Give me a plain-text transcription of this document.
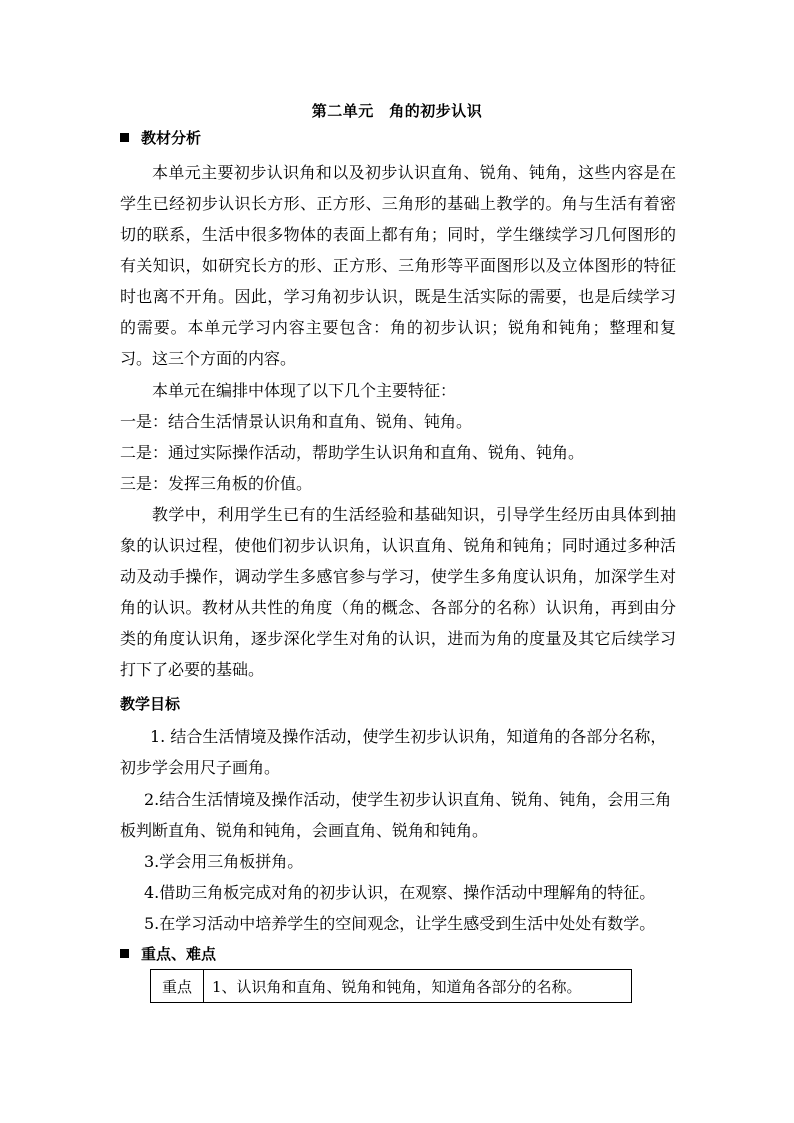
第二单元　角的初步认识
教材分析
本单元主要初步认识角和以及初步认识直角、锐角、钝角，这些内容是在学生已经初步认识长方形、正方形、三角形的基础上教学的。角与生活有着密切的联系，生活中很多物体的表面上都有角；同时，学生继续学习几何图形的有关知识，如研究长方的形、正方形、三角形等平面图形以及立体图形的特征时也离不开角。因此，学习角初步认识，既是生活实际的需要，也是后续学习的需要。本单元学习内容主要包含：角的初步认识；锐角和钝角；整理和复习。这三个方面的内容。
本单元在编排中体现了以下几个主要特征：
一是：结合生活情景认识角和直角、锐角、钝角。
二是：通过实际操作活动，帮助学生认识角和直角、锐角、钝角。
三是：发挥三角板的价值。
教学中，利用学生已有的生活经验和基础知识，引导学生经历由具体到抽象的认识过程，使他们初步认识角，认识直角、锐角和钝角；同时通过多种活动及动手操作，调动学生多感官参与学习，使学生多角度认识角，加深学生对角的认识。教材从共性的角度（角的概念、各部分的名称）认识角，再到由分类的角度认识角，逐步深化学生对角的认识，进而为角的度量及其它后续学习打下了必要的基础。
教学目标
1. 结合生活情境及操作活动，使学生初步认识角，知道角的各部分名称，
初步学会用尺子画角。
2.结合生活情境及操作活动，使学生初步认识直角、锐角、钝角，会用三角
板判断直角、锐角和钝角，会画直角、锐角和钝角。
3.学会用三角板拼角。
4.借助三角板完成对角的初步认识，在观察、操作活动中理解角的特征。
5.在学习活动中培养学生的空间观念，让学生感受到生活中处处有数学。
重点、难点
重点	1、认识角和直角、锐角和钝角，知道角各部分的名称。
